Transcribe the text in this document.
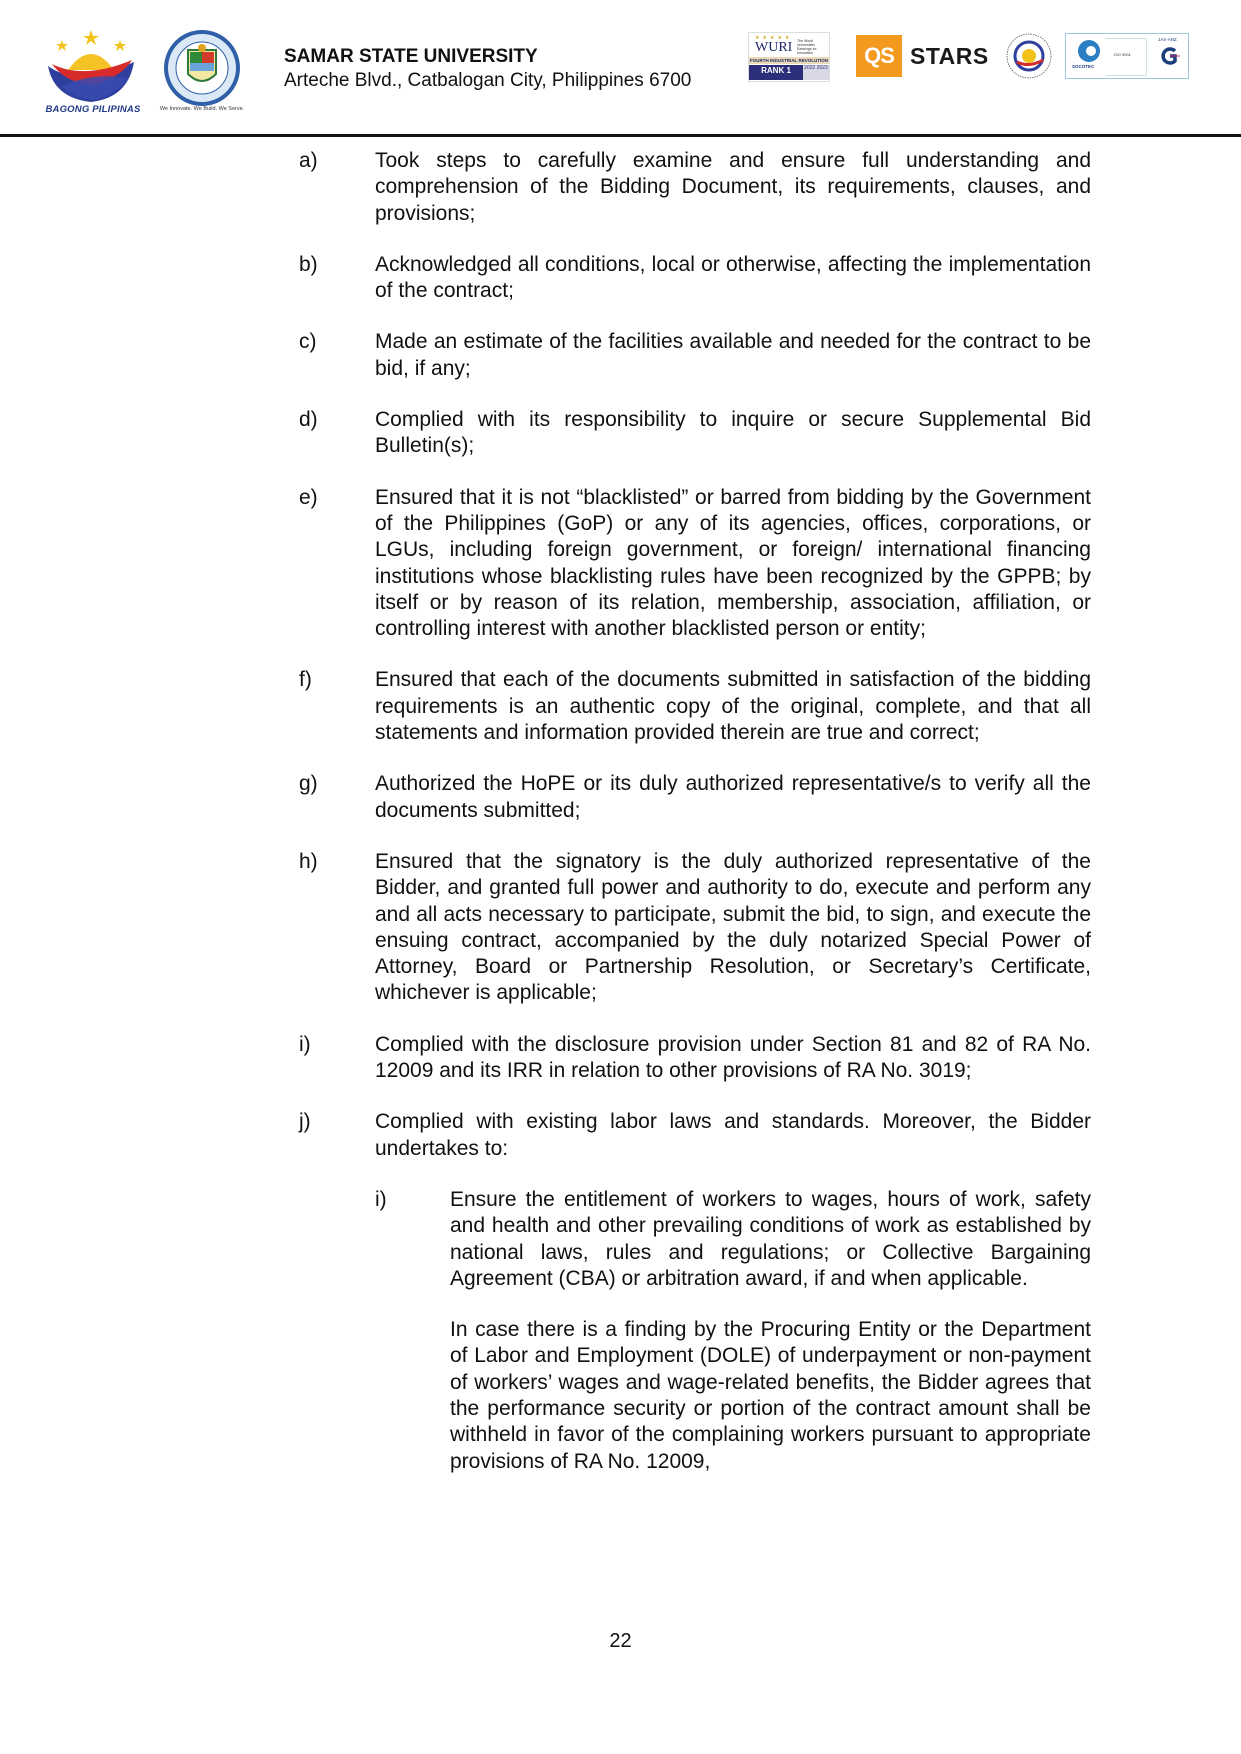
BAGONG PILIPINAS	We Innovate. We Build. We Serve.
SAMAR STATE UNIVERSITY
Arteche Blvd., Catbalogan City, Philippines 6700
★★★★★
WURI The World Universities Rankings for Innovation
FOURTH INDUSTRIAL REVOLUTION
RANK 1	2022 2023	QS STARS	SOCOTEC
ISO 9001
JAS-ANZ
a)	Took steps to carefully examine and ensure full understanding and comprehension of the Bidding Document, its requirements, clauses, and provisions;
b)	Acknowledged all conditions, local or otherwise, affecting the implementation of the contract;
c)	Made an estimate of the facilities available and needed for the contract to be bid, if any;
d)	Complied with its responsibility to inquire or secure Supplemental Bid Bulletin(s);
e)	Ensured that it is not “blacklisted” or barred from bidding by the Government of the Philippines (GoP) or any of its agencies, offices, corporations, or LGUs, including foreign government, or foreign/ international financing institutions whose blacklisting rules have been recognized by the GPPB; by itself or by reason of its relation, membership, association, affiliation, or controlling interest with another blacklisted person or entity;
f)	Ensured that each of the documents submitted in satisfaction of the bidding requirements is an authentic copy of the original, complete, and that all statements and information provided therein are true and correct;
g)	Authorized the HoPE or its duly authorized representative/s to verify all the documents submitted;
h)	Ensured that the signatory is the duly authorized representative of the Bidder, and granted full power and authority to do, execute and perform any and all acts necessary to participate, submit the bid, to sign, and execute the ensuing contract, accompanied by the duly notarized Special Power of Attorney, Board or Partnership Resolution, or Secretary’s Certificate, whichever is applicable;
i)	Complied with the disclosure provision under Section 81 and 82 of RA No. 12009 and its IRR in relation to other provisions of RA No. 3019;
j)	Complied with existing labor laws and standards. Moreover, the Bidder undertakes to:
i)	Ensure the entitlement of workers to wages, hours of work, safety and health and other prevailing conditions of work as established by national laws, rules and regulations; or Collective Bargaining Agreement (CBA) or arbitration award, if and when applicable.
In case there is a finding by the Procuring Entity or the Department of Labor and Employment (DOLE) of underpayment or non-payment of workers’ wages and wage-related benefits, the Bidder agrees that the performance security or portion of the contract amount shall be withheld in favor of the complaining workers pursuant to appropriate provisions of RA No. 12009,
22
